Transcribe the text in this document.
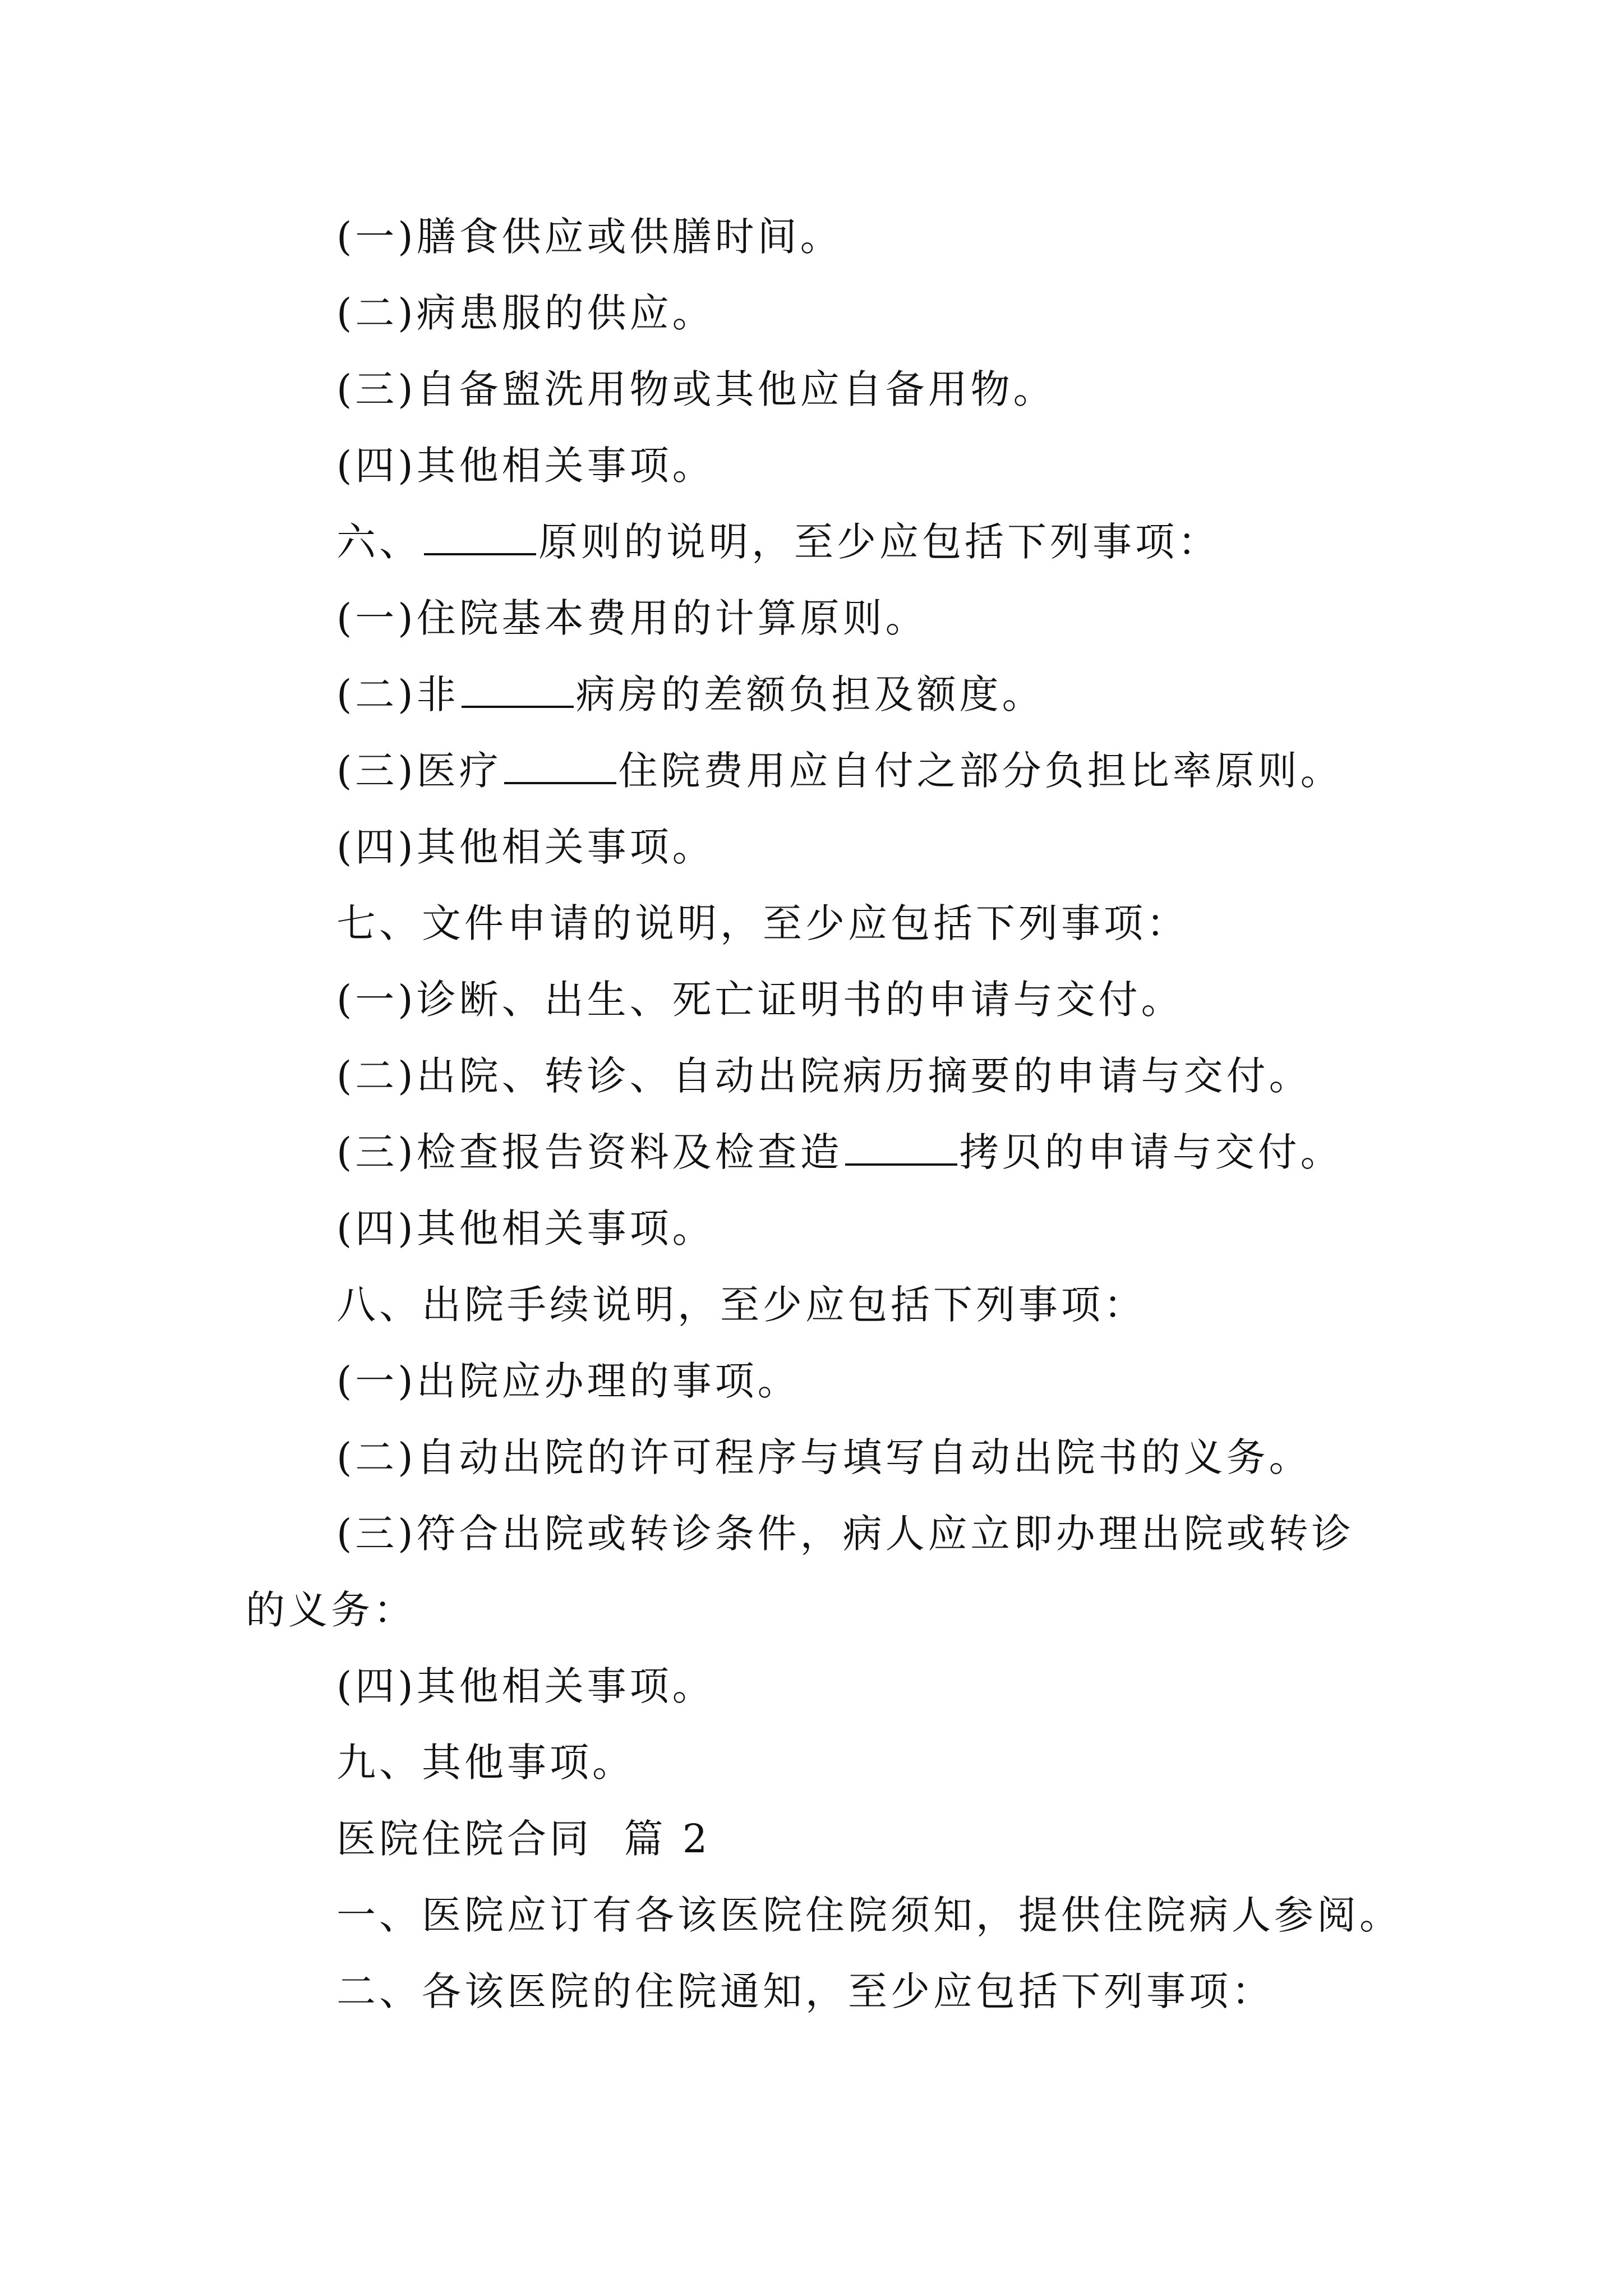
(一)膳食供应或供膳时间。
(二)病患服的供应。
(三)自备盥洗用物或其他应自备用物。
(四)其他相关事项。
六、	原则的说明，至少应包括下列事项：
(一)住院基本费用的计算原则。
(二)非	病房的差额负担及额度。
(三)医疗	住院费用应自付之部分负担比率原则。
(四)其他相关事项。
七、文件申请的说明，至少应包括下列事项：
(一)诊断、出生、死亡证明书的申请与交付。
(二)出院、转诊、自动出院病历摘要的申请与交付。
(三)检查报告资料及检查造	拷贝的申请与交付。
(四)其他相关事项。
八、出院手续说明，至少应包括下列事项：
(一)出院应办理的事项。
(二)自动出院的许可程序与填写自动出院书的义务。
(三)符合出院或转诊条件，病人应立即办理出院或转诊
的义务：
(四)其他相关事项。
九、其他事项。
医院住院合同  篇 2
一、医院应订有各该医院住院须知，提供住院病人参阅。
二、各该医院的住院通知，至少应包括下列事项：
